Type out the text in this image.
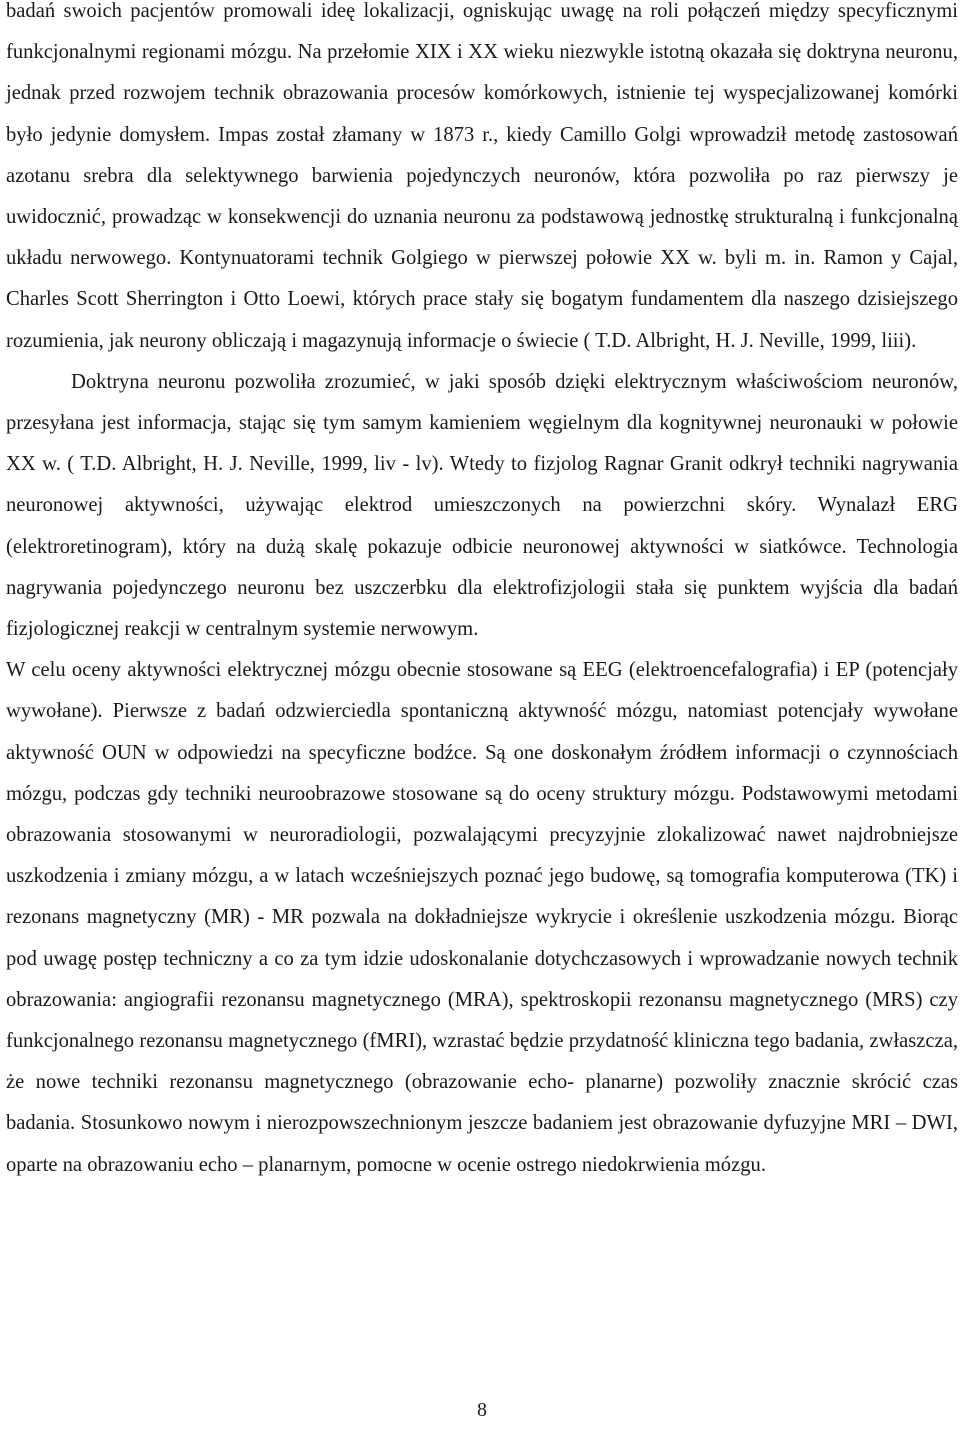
badań swoich pacjentów promowali ideę lokalizacji, ogniskując uwagę na roli połączeń między specyficznymi funkcjonalnymi regionami mózgu. Na przełomie XIX i XX wieku niezwykle istotną okazała się doktryna neuronu, jednak przed rozwojem technik obrazowania procesów komórkowych, istnienie tej wyspecjalizowanej komórki było jedynie domysłem. Impas został złamany w 1873 r., kiedy Camillo Golgi wprowadził metodę zastosowań azotanu srebra dla selektywnego barwienia pojedynczych neuronów, która pozwoliła po raz pierwszy je uwidocznić, prowadząc w konsekwencji do uznania neuronu za podstawową jednostkę strukturalną i funkcjonalną układu nerwowego. Kontynuatorami technik Golgiego w pierwszej połowie XX w. byli m. in. Ramon y Cajal, Charles Scott Sherrington i Otto Loewi, których prace stały się bogatym fundamentem dla naszego dzisiejszego rozumienia, jak neurony obliczają i magazynują informacje o świecie ( T.D. Albright, H. J. Neville, 1999, liii).

Doktryna neuronu pozwoliła zrozumieć, w jaki sposób dzięki elektrycznym właściwościom neuronów, przesyłana jest informacja, stając się tym samym kamieniem węgielnym dla kognitywnej neuronauki w połowie XX w. ( T.D. Albright, H. J. Neville, 1999, liv - lv). Wtedy to fizjolog Ragnar Granit odkrył techniki nagrywania neuronowej aktywności, używając elektrod umieszczonych na powierzchni skóry. Wynalazł ERG (elektroretinogram), który na dużą skalę pokazuje odbicie neuronowej aktywności w siatkówce. Technologia nagrywania pojedynczego neuronu bez uszczerbku dla elektrofizjologii stała się punktem wyjścia dla badań fizjologicznej reakcji w centralnym systemie nerwowym.

W celu oceny aktywności elektrycznej mózgu obecnie stosowane są EEG (elektroencefalografia) i EP (potencjały wywołane). Pierwsze z badań odzwierciedla spontaniczną aktywność mózgu, natomiast potencjały wywołane aktywność OUN w odpowiedzi na specyficzne bodźce. Są one doskonałym źródłem informacji o czynnościach mózgu, podczas gdy techniki neuroobrazowe stosowane są do oceny struktury mózgu. Podstawowymi metodami obrazowania stosowanymi w neuroradiologii, pozwalającymi precyzyjnie zlokalizować nawet najdrobniejsze uszkodzenia i zmiany mózgu, a w latach wcześniejszych poznać jego budowę, są tomografia komputerowa (TK) i rezonans magnetyczny (MR) - MR pozwala na dokładniejsze wykrycie i określenie uszkodzenia mózgu. Biorąc pod uwagę postęp techniczny a co za tym idzie udoskonalanie dotychczasowych i wprowadzanie nowych technik obrazowania: angiografii rezonansu magnetycznego (MRA), spektroskopii rezonansu magnetycznego (MRS) czy funkcjonalnego rezonansu magnetycznego (fMRI), wzrastać będzie przydatność kliniczna tego badania, zwłaszcza, że nowe techniki rezonansu magnetycznego (obrazowanie echo- planarne) pozwoliły znacznie skrócić czas badania. Stosunkowo nowym i nierozpowszechnionym jeszcze badaniem jest obrazowanie dyfuzyjne MRI – DWI, oparte na obrazowaniu echo – planarnym, pomocne w ocenie ostrego niedokrwienia mózgu.

8
